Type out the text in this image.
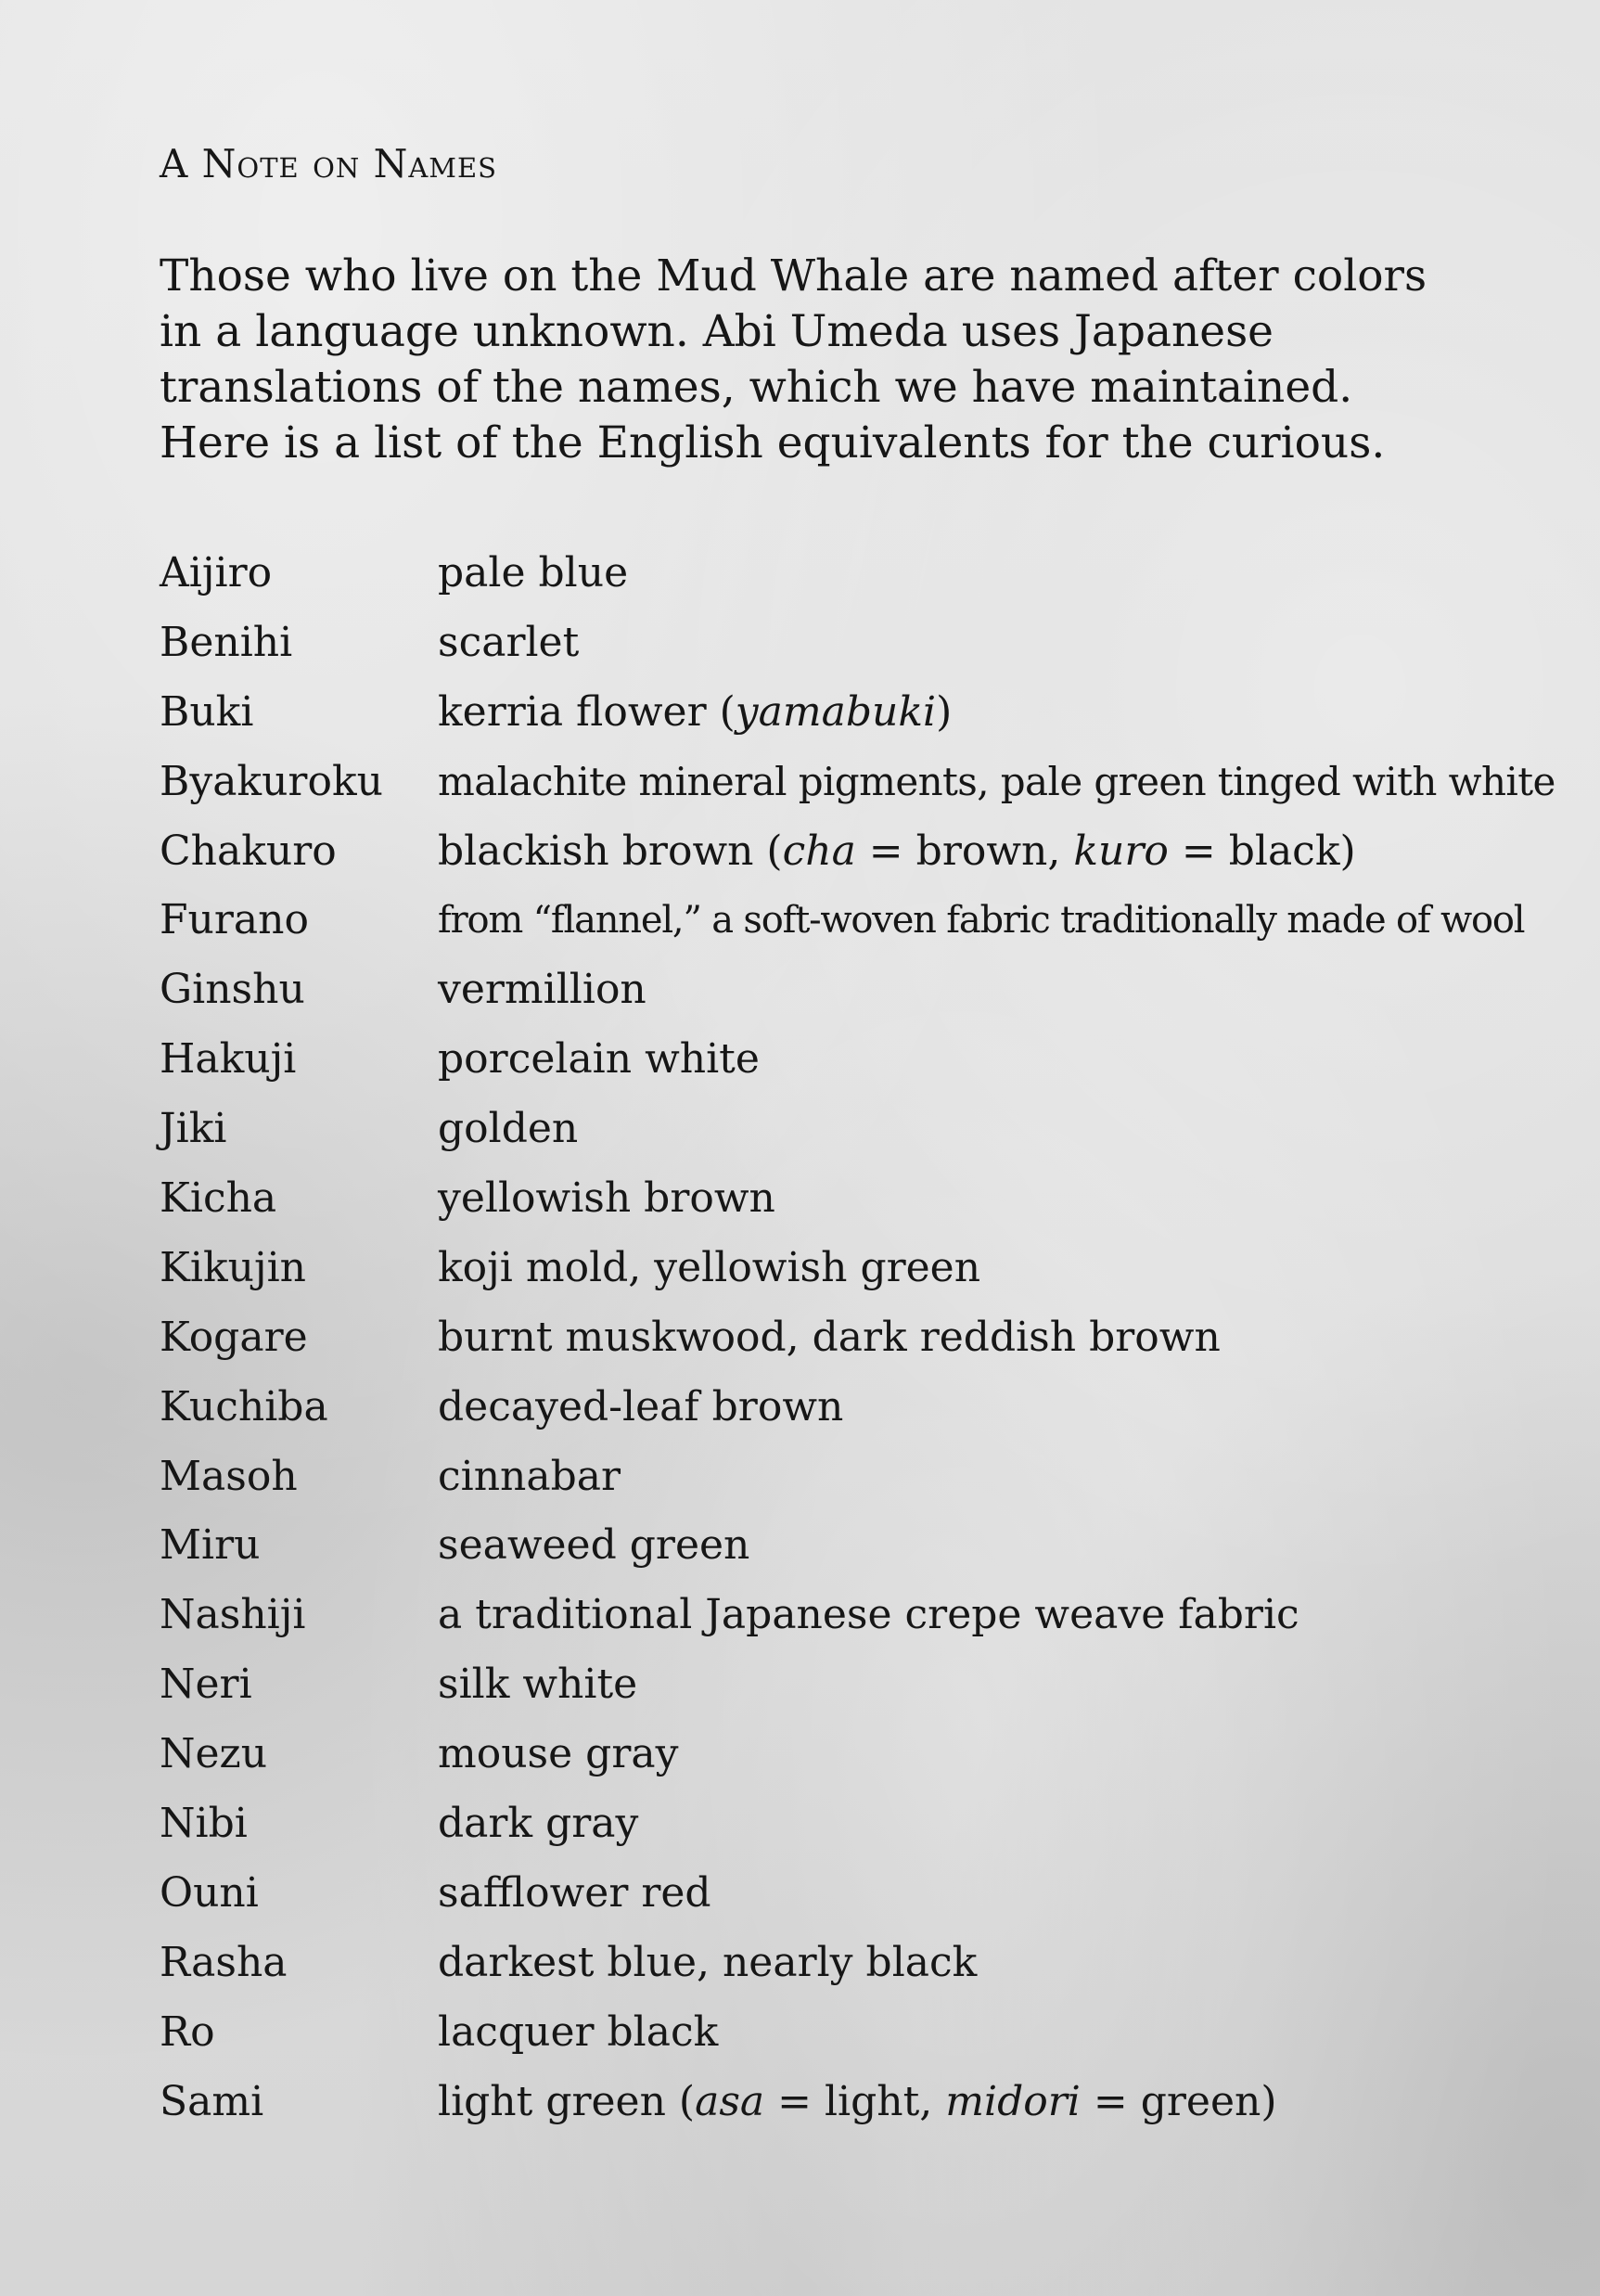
A Note on Names

Those who live on the Mud Whale are named after colors in a language unknown. Abi Umeda uses Japanese translations of the names, which we have maintained. Here is a list of the English equivalents for the curious.

Aijiro	pale blue
Benihi	scarlet
Buki	kerria flower (yamabuki)
Byakuroku	malachite mineral pigments, pale green tinged with white
Chakuro	blackish brown (cha = brown, kuro = black)
Furano	from “flannel,” a soft-woven fabric traditionally made of wool
Ginshu	vermillion
Hakuji	porcelain white
Jiki	golden
Kicha	yellowish brown
Kikujin	koji mold, yellowish green
Kogare	burnt muskwood, dark reddish brown
Kuchiba	decayed-leaf brown
Masoh	cinnabar
Miru	seaweed green
Nashiji	a traditional Japanese crepe weave fabric
Neri	silk white
Nezu	mouse gray
Nibi	dark gray
Ouni	safflower red
Rasha	darkest blue, nearly black
Ro	lacquer black
Sami	light green (asa = light, midori = green)
